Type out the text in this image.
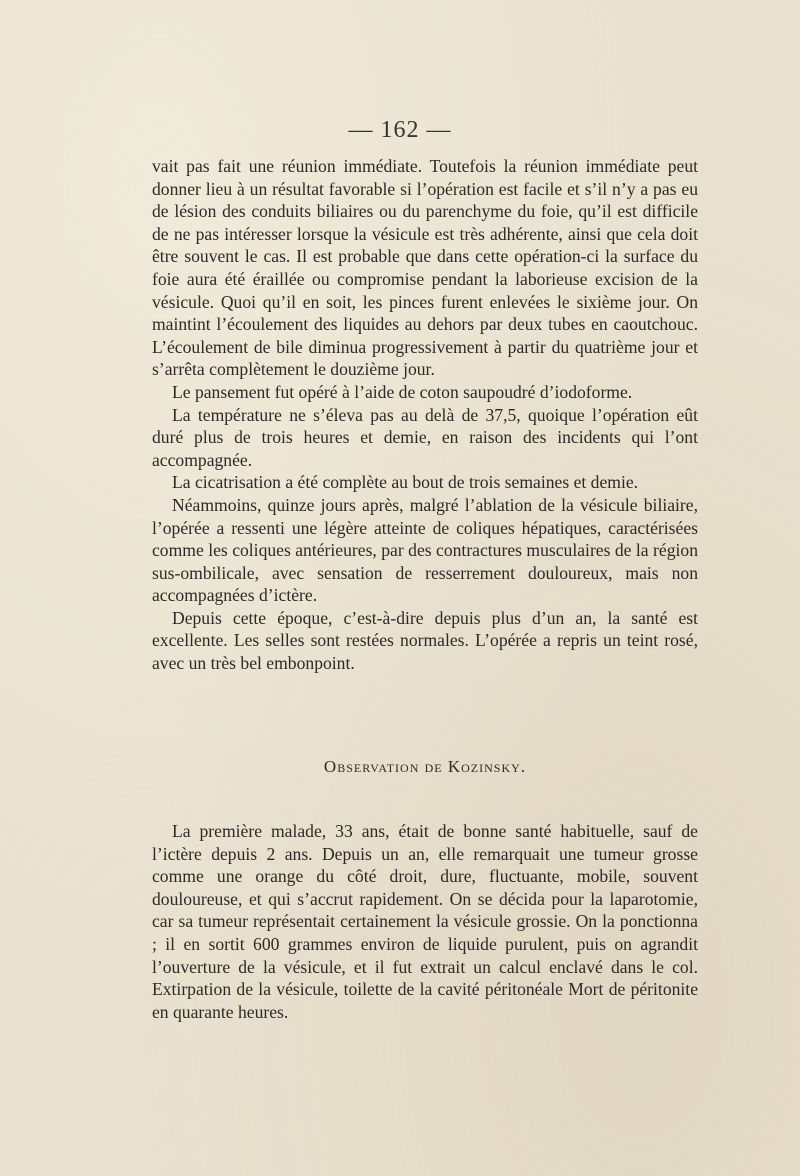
— 162 —

vait pas fait une réunion immédiate. Toutefois la réunion immédiate peut donner lieu à un résultat favorable si l’opération est facile et s’il n’y a pas eu de lésion des conduits biliaires ou du parenchyme du foie, qu’il est difficile de ne pas intéresser lorsque la vésicule est très adhérente, ainsi que cela doit être souvent le cas. Il est probable que dans cette opération-ci la surface du foie aura été éraillée ou compromise pendant la laborieuse excision de la vésicule. Quoi qu’il en soit, les pinces furent enlevées le sixième jour. On maintint l’écoulement des liquides au dehors par deux tubes en caoutchouc. L’écoulement de bile diminua progressivement à partir du quatrième jour et s’arrêta complètement le douzième jour.

Le pansement fut opéré à l’aide de coton saupoudré d’iodoforme.

La température ne s’éleva pas au delà de 37,5, quoique l’opération eût duré plus de trois heures et demie, en raison des incidents qui l’ont accompagnée.

La cicatrisation a été complète au bout de trois semaines et demie.

Néammoins, quinze jours après, malgré l’ablation de la vésicule biliaire, l’opérée a ressenti une légère atteinte de coliques hépatiques, caractérisées comme les coliques antérieures, par des contractures musculaires de la région sus-ombilicale, avec sensation de resserrement douloureux, mais non accompagnées d’ictère.

Depuis cette époque, c’est-à-dire depuis plus d’un an, la santé est excellente. Les selles sont restées normales. L’opérée a repris un teint rosé, avec un très bel embonpoint.

Observation de Kozinsky.

La première malade, 33 ans, était de bonne santé habituelle, sauf de l’ictère depuis 2 ans. Depuis un an, elle remarquait une tumeur grosse comme une orange du côté droit, dure, fluctuante, mobile, souvent douloureuse, et qui s’accrut rapidement. On se décida pour la laparotomie, car sa tumeur représentait certainement la vésicule grossie. On la ponctionna ; il en sortit 600 grammes environ de liquide purulent, puis on agrandit l’ouverture de la vésicule, et il fut extrait un calcul enclavé dans le col. Extirpation de la vésicule, toilette de la cavité péritonéale Mort de péritonite en quarante heures.
